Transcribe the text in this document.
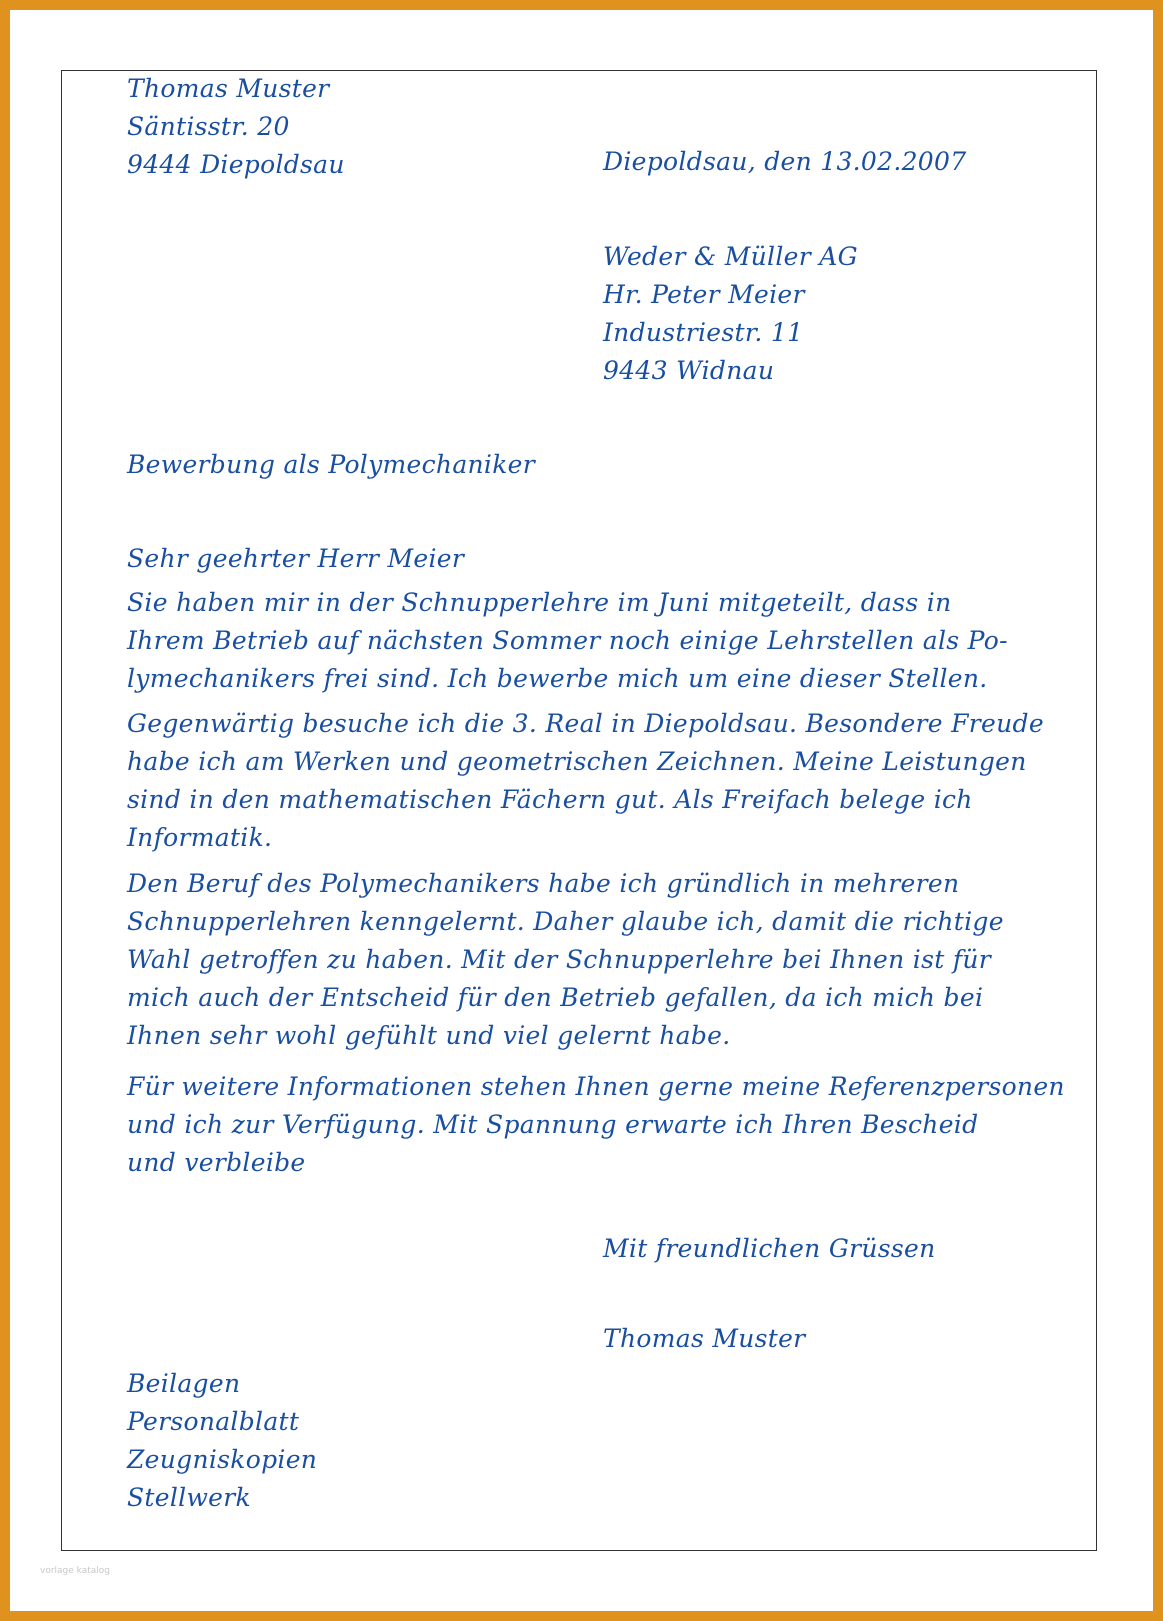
Thomas Muster
Säntisstr. 20
9444 Diepoldsau	Diepoldsau, den 13.02.2007
Weder & Müller AG
Hr. Peter Meier
Industriestr. 11
9443 Widnau
Bewerbung als Polymechaniker
Sehr geehrter Herr Meier
Sie haben mir in der Schnupperlehre im Juni mitgeteilt, dass in
Ihrem Betrieb auf nächsten Sommer noch einige Lehrstellen als Po-
lymechanikers frei sind. Ich bewerbe mich um eine dieser Stellen.
Gegenwärtig besuche ich die 3. Real in Diepoldsau. Besondere Freude
habe ich am Werken und geometrischen Zeichnen. Meine Leistungen
sind in den mathematischen Fächern gut. Als Freifach belege ich
Informatik.
Den Beruf des Polymechanikers habe ich gründlich in mehreren
Schnupperlehren kenngelernt. Daher glaube ich, damit die richtige
Wahl getroffen zu haben. Mit der Schnupperlehre bei Ihnen ist für
mich auch der Entscheid für den Betrieb gefallen, da ich mich bei
Ihnen sehr wohl gefühlt und viel gelernt habe.
Für weitere Informationen stehen Ihnen gerne meine Referenzpersonen
und ich zur Verfügung. Mit Spannung erwarte ich Ihren Bescheid
und verbleibe
Mit freundlichen Grüssen
Thomas Muster
Beilagen
Personalblatt
Zeugniskopien
Stellwerk
vorlage katalog
